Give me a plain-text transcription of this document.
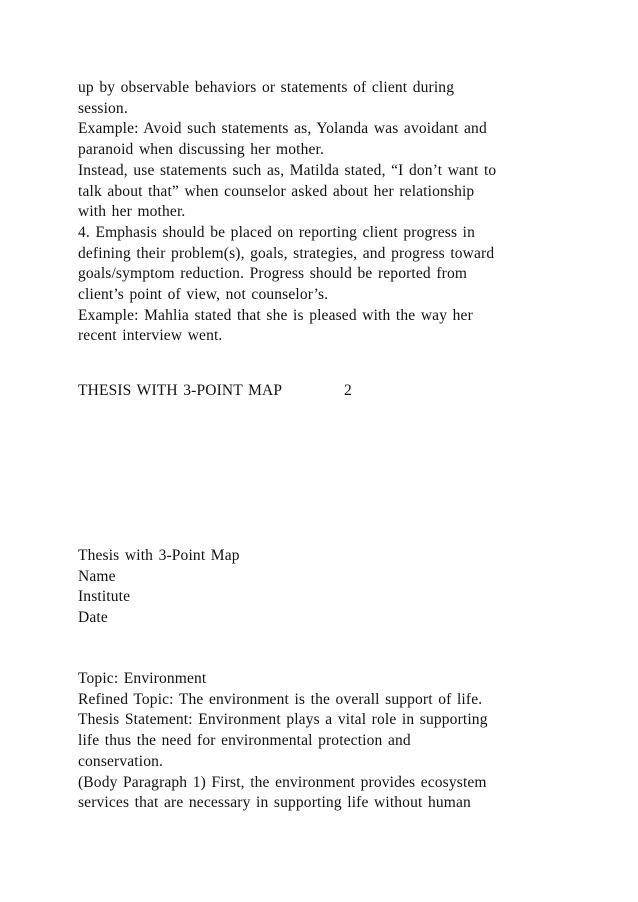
up by observable behaviors or statements of client during
session.
Example: Avoid such statements as, Yolanda was avoidant and
paranoid when discussing her mother.
Instead, use statements such as, Matilda stated, “I don’t want to
talk about that” when counselor asked about her relationship
with her mother.
4. Emphasis should be placed on reporting client progress in
defining their problem(s), goals, strategies, and progress toward
goals/symptom reduction. Progress should be reported from
client’s point of view, not counselor’s.
Example: Mahlia stated that she is pleased with the way her
recent interview went.
THESIS WITH 3-POINT MAP	2
Thesis with 3-Point Map
Name
Institute
Date
Topic: Environment
Refined Topic: The environment is the overall support of life.
Thesis Statement: Environment plays a vital role in supporting
life thus the need for environmental protection and
conservation.
(Body Paragraph 1) First, the environment provides ecosystem
services that are necessary in supporting life without human
